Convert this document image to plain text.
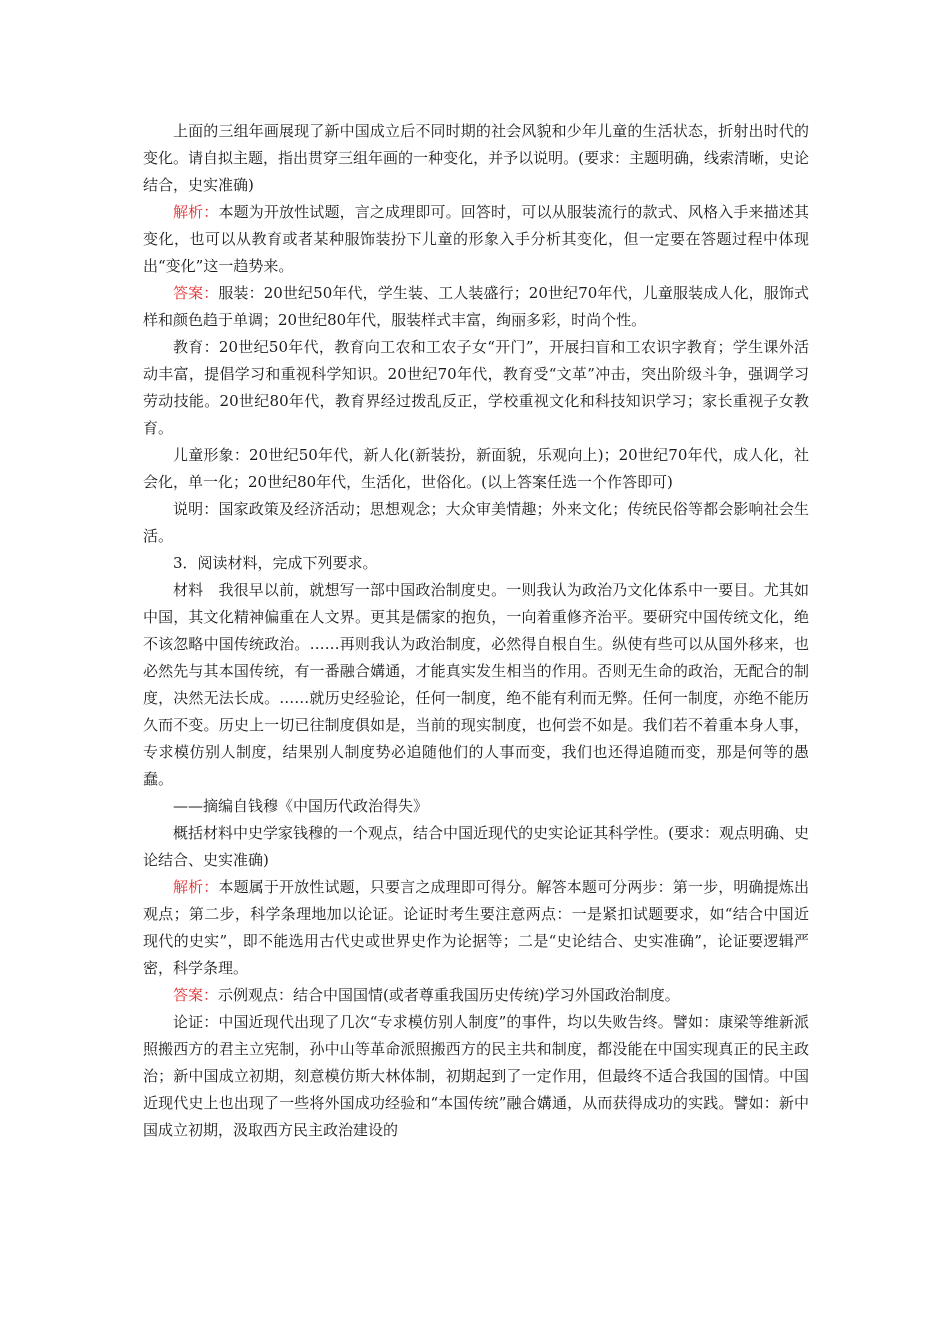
上面的三组年画展现了新中国成立后不同时期的社会风貌和少年儿童的生活状态，折射出时代的变化。请自拟主题，指出贯穿三组年画的一种变化，并予以说明。(要求：主题明确，线索清晰，史论结合，史实准确)

解析：本题为开放性试题，言之成理即可。回答时，可以从服装流行的款式、风格入手来描述其变化，也可以从教育或者某种服饰装扮下儿童的形象入手分析其变化，但一定要在答题过程中体现出“变化”这一趋势来。

答案：服装：20世纪50年代，学生装、工人装盛行；20世纪70年代，儿童服装成人化，服饰式样和颜色趋于单调；20世纪80年代，服装样式丰富，绚丽多彩，时尚个性。

教育：20世纪50年代，教育向工农和工农子女“开门”，开展扫盲和工农识字教育；学生课外活动丰富，提倡学习和重视科学知识。20世纪70年代，教育受“文革”冲击，突出阶级斗争，强调学习劳动技能。20世纪80年代，教育界经过拨乱反正，学校重视文化和科技知识学习；家长重视子女教育。

儿童形象：20世纪50年代，新人化(新装扮，新面貌，乐观向上)；20世纪70年代，成人化，社会化，单一化；20世纪80年代，生活化，世俗化。(以上答案任选一个作答即可)

说明：国家政策及经济活动；思想观念；大众审美情趣；外来文化；传统民俗等都会影响社会生活。

3．阅读材料，完成下列要求。

材料　我很早以前，就想写一部中国政治制度史。一则我认为政治乃文化体系中一要目。尤其如中国，其文化精神偏重在人文界。更其是儒家的抱负，一向着重修齐治平。要研究中国传统文化，绝不该忽略中国传统政治。……再则我认为政治制度，必然得自根自生。纵使有些可以从国外移来，也必然先与其本国传统，有一番融合媾通，才能真实发生相当的作用。否则无生命的政治，无配合的制度，决然无法长成。……就历史经验论，任何一制度，绝不能有利而无弊。任何一制度，亦绝不能历久而不变。历史上一切已往制度俱如是，当前的现实制度，也何尝不如是。我们若不着重本身人事，专求模仿别人制度，结果别人制度势必追随他们的人事而变，我们也还得追随而变，那是何等的愚蠢。

——摘编自钱穆《中国历代政治得失》

概括材料中史学家钱穆的一个观点，结合中国近现代的史实论证其科学性。(要求：观点明确、史论结合、史实准确)

解析：本题属于开放性试题，只要言之成理即可得分。解答本题可分两步：第一步，明确提炼出观点；第二步，科学条理地加以论证。论证时考生要注意两点：一是紧扣试题要求，如“结合中国近现代的史实”，即不能选用古代史或世界史作为论据等；二是“史论结合、史实准确”，论证要逻辑严密，科学条理。

答案：示例观点：结合中国国情(或者尊重我国历史传统)学习外国政治制度。

论证：中国近现代出现了几次“专求模仿别人制度”的事件，均以失败告终。譬如：康梁等维新派照搬西方的君主立宪制，孙中山等革命派照搬西方的民主共和制度，都没能在中国实现真正的民主政治；新中国成立初期，刻意模仿斯大林体制，初期起到了一定作用，但最终不适合我国的国情。中国近现代史上也出现了一些将外国成功经验和“本国传统”融合媾通，从而获得成功的实践。譬如：新中国成立初期，汲取西方民主政治建设的
